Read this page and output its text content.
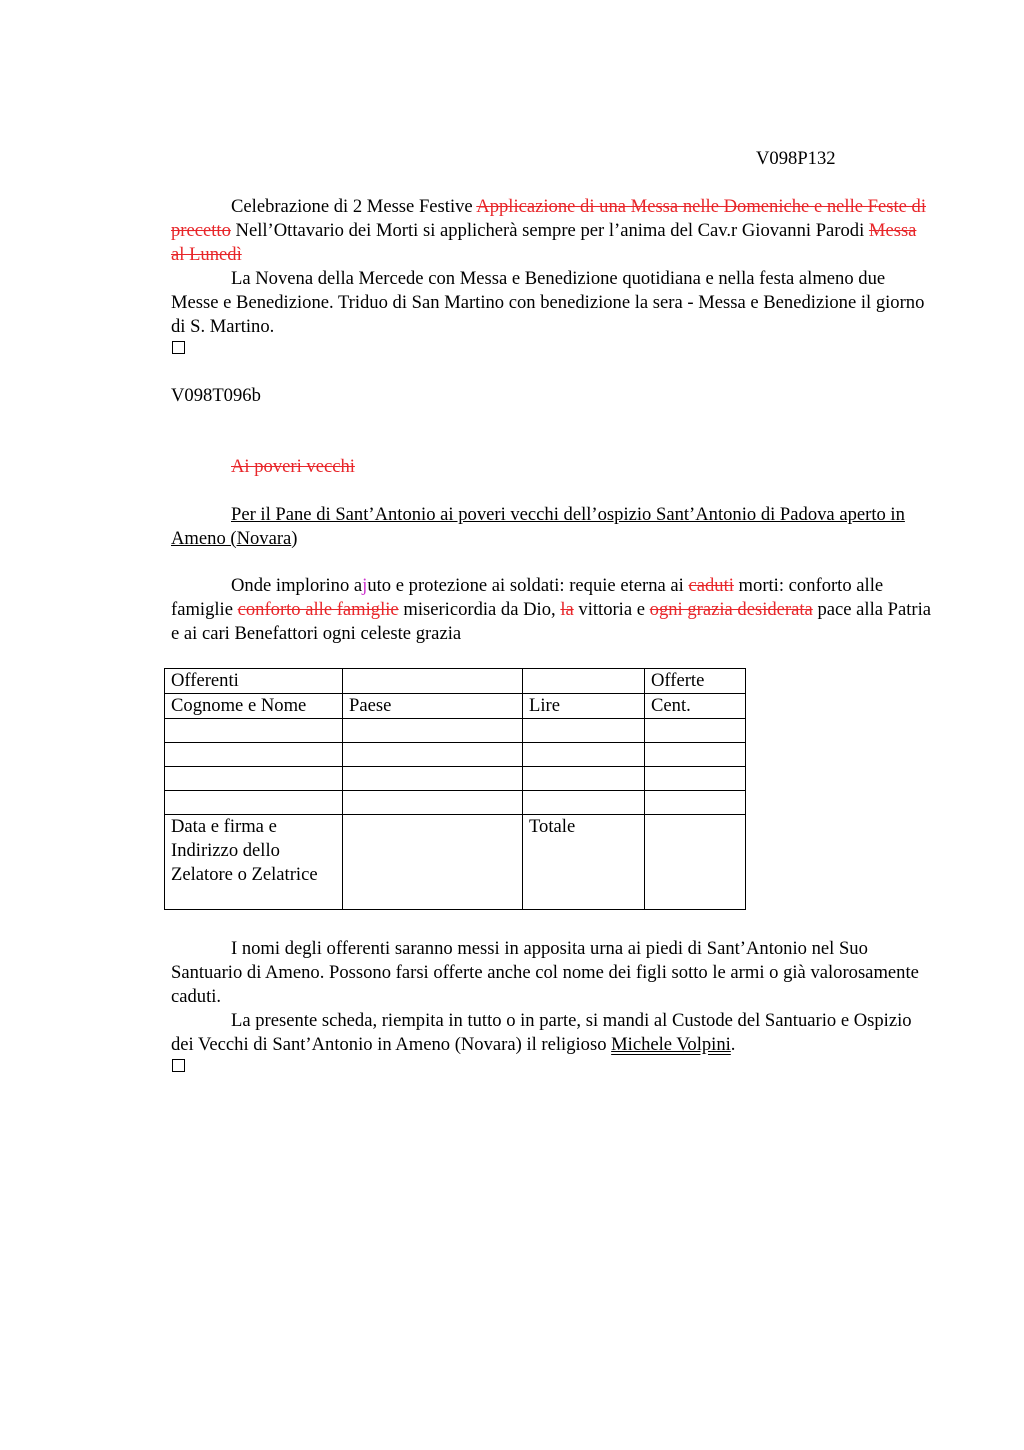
V098P132
Celebrazione di 2 Messe Festive Applicazione di una Messa nelle Domeniche e nelle Feste di precetto Nell’Ottavario dei Morti si applicherà sempre per l’anima del Cav.r Giovanni Parodi Messa al Lunedì
La Novena della Mercede con Messa e Benedizione quotidiana e nella festa almeno due Messe e Benedizione. Triduo di San Martino con benedizione la sera - Messa e Benedizione il giorno di S. Martino.
V098T096b
Ai poveri vecchi
Per il Pane di Sant’Antonio ai poveri vecchi dell’ospizio Sant’Antonio di Padova aperto in Ameno (Novara)
Onde implorino ajuto e protezione ai soldati: requie eterna ai caduti morti: conforto alle famiglie conforto alle famiglie misericordia da Dio, la vittoria e ogni grazia desiderata pace alla Patria e ai cari Benefattori ogni celeste grazia
Offerenti			Offerte
Cognome e Nome	Paese	Lire	Cent.

Data e firma e Indirizzo dello Zelatore o Zelatrice		Totale	
I nomi degli offerenti saranno messi in apposita urna ai piedi di Sant’Antonio nel Suo Santuario di Ameno. Possono farsi offerte anche col nome dei figli sotto le armi o già valorosamente caduti.
La presente scheda, riempita in tutto o in parte, si mandi al Custode del Santuario e Ospizio dei Vecchi di Sant’Antonio in Ameno (Novara) il religioso Michele Volpini.
